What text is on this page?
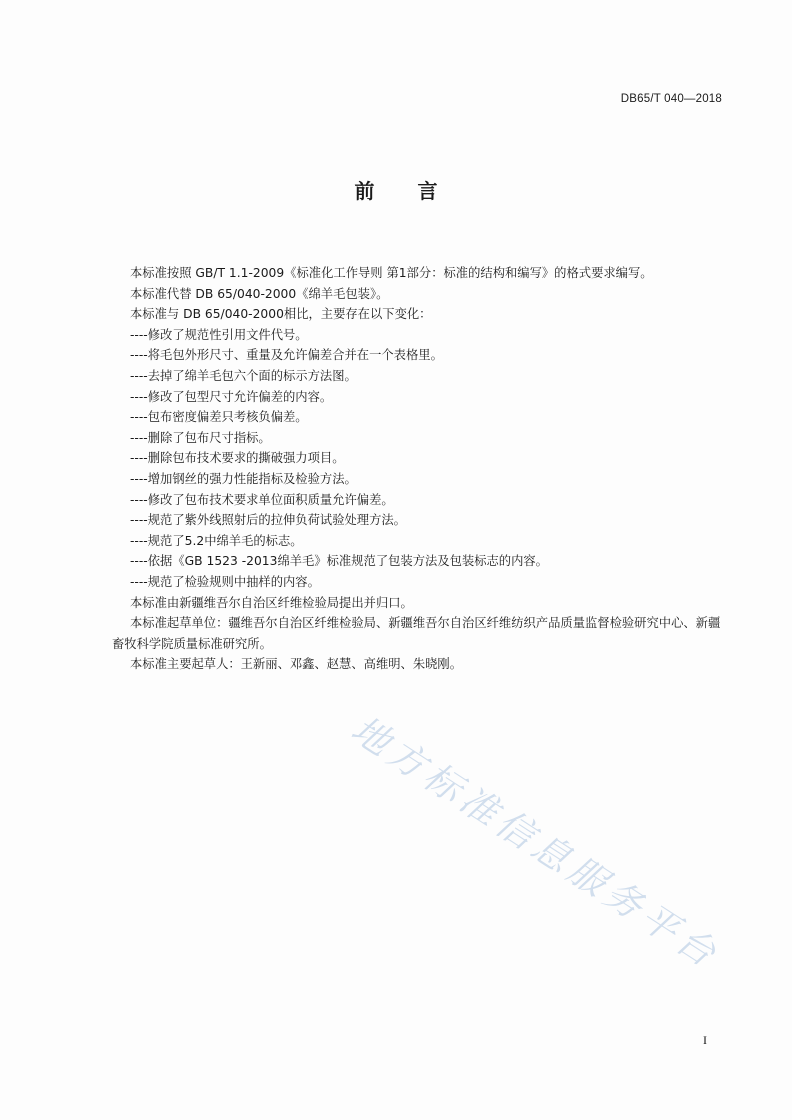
DB65/T 040—2018
前 言

本标准按照 GB/T 1.1-2009《标准化工作导则 第1部分：标准的结构和编写》的格式要求编写。

本标准代替 DB 65/040-2000《绵羊毛包装》。

本标准与 DB 65/040-2000相比，主要存在以下变化：

----修改了规范性引用文件代号。

----将毛包外形尺寸、重量及允许偏差合并在一个表格里。

----去掉了绵羊毛包六个面的标示方法图。

----修改了包型尺寸允许偏差的内容。

----包布密度偏差只考核负偏差。

----删除了包布尺寸指标。

----删除包布技术要求的撕破强力项目。

----增加钢丝的强力性能指标及检验方法。

----修改了包布技术要求单位面积质量允许偏差。

----规范了紫外线照射后的拉伸负荷试验处理方法。

----规范了5.2中绵羊毛的标志。

----依据《GB 1523 -2013绵羊毛》标准规范了包装方法及包装标志的内容。

----规范了检验规则中抽样的内容。

本标准由新疆维吾尔自治区纤维检验局提出并归口。

本标准起草单位：疆维吾尔自治区纤维检验局、新疆维吾尔自治区纤维纺织产品质量监督检验研究中心、新疆畜牧科学院质量标准研究所。

本标准主要起草人：王新丽、邓鑫、赵慧、高维明、朱晓刚。

地方标准信息服务平台
I
